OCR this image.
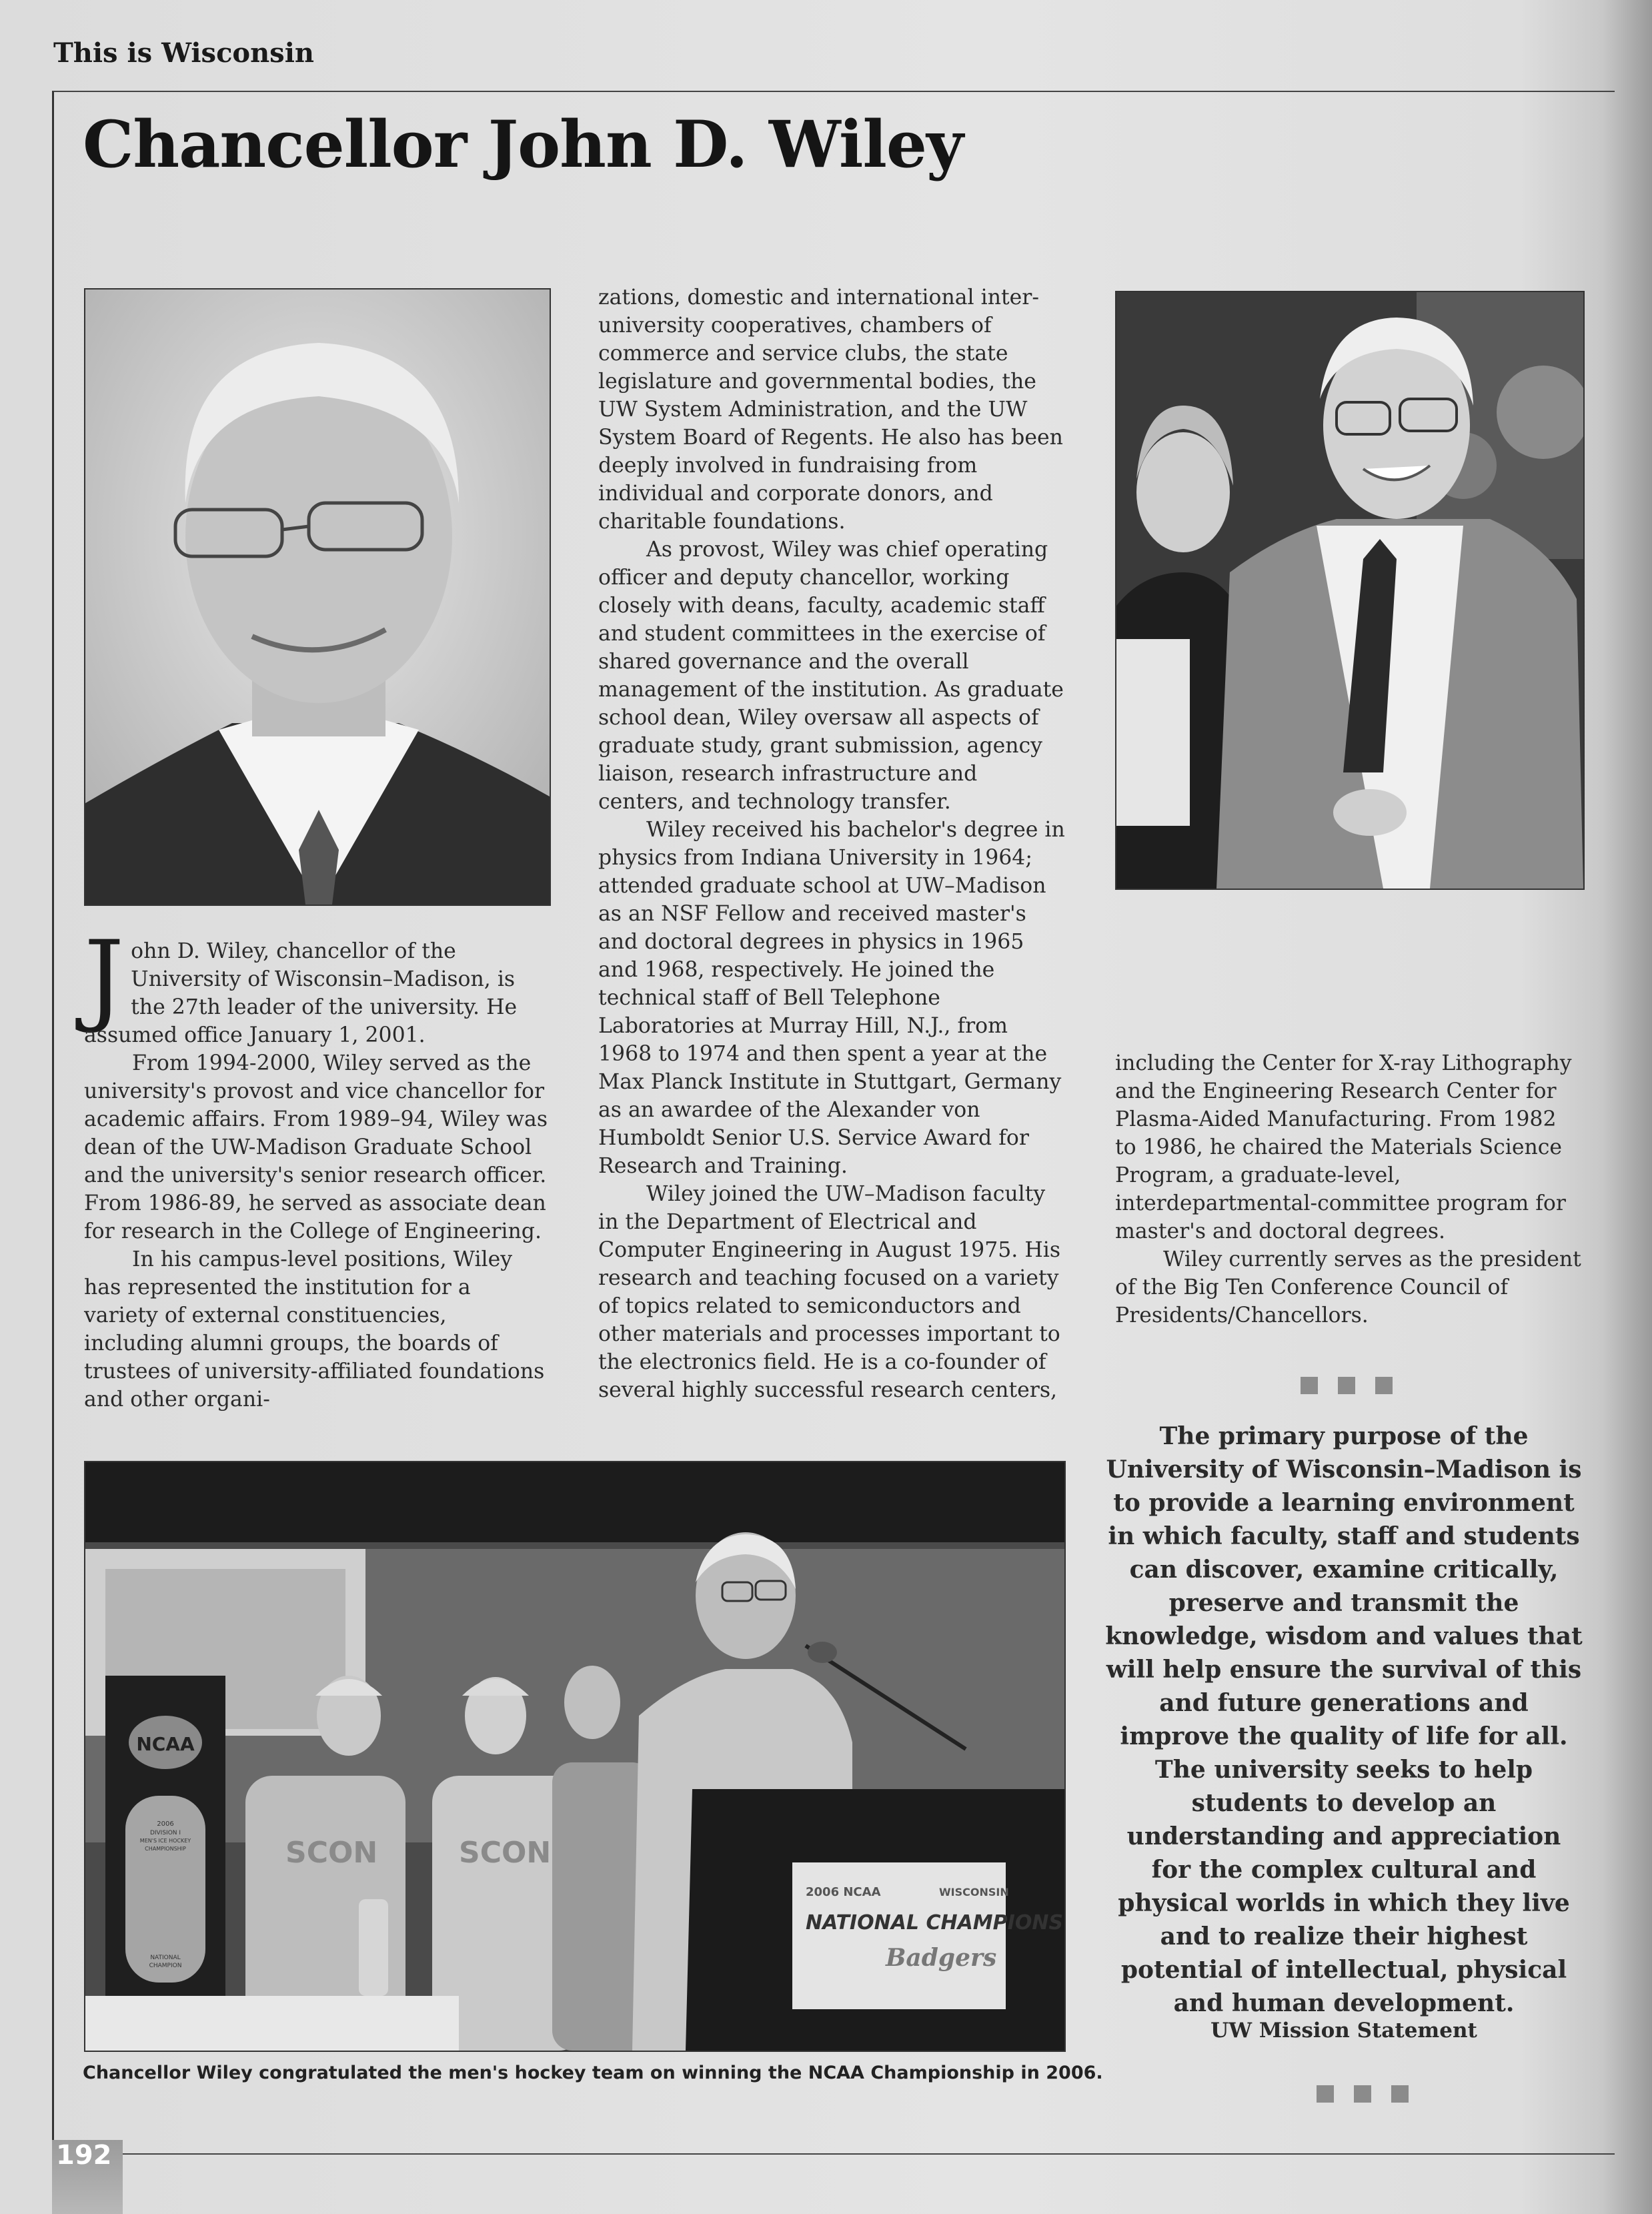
This is Wisconsin
Chancellor John D. Wiley

J ohn D. Wiley, chancellor of the University of Wisconsin–Madison, is the 27th leader of the university. He assumed office January 1, 2001.

From 1994-2000, Wiley served as the university's provost and vice chancellor for academic affairs. From 1989–94, Wiley was dean of the UW-Madison Graduate School and the university's senior research officer. From 1986-89, he served as associate dean for research in the College of Engineering.

In his campus-level positions, Wiley has represented the institution for a variety of external constituencies, including alumni groups, the boards of trustees of university-affiliated foundations and other organi-

zations, domestic and international inter-university cooperatives, chambers of commerce and service clubs, the state legislature and governmental bodies, the UW System Administration, and the UW System Board of Regents. He also has been deeply involved in fundraising from individual and corporate donors, and charitable foundations.

As provost, Wiley was chief operating officer and deputy chancellor, working closely with deans, faculty, academic staff and student committees in the exercise of shared governance and the overall management of the institution. As graduate school dean, Wiley oversaw all aspects of graduate study, grant submission, agency liaison, research infrastructure and centers, and technology transfer.

Wiley received his bachelor's degree in physics from Indiana University in 1964; attended graduate school at UW–Madison as an NSF Fellow and received master's and doctoral degrees in physics in 1965 and 1968, respectively. He joined the technical staff of Bell Telephone Laboratories at Murray Hill, N.J., from 1968 to 1974 and then spent a year at the Max Planck Institute in Stuttgart, Germany as an awardee of the Alexander von Humboldt Senior U.S. Service Award for Research and Training.

Wiley joined the UW–Madison faculty in the Department of Electrical and Computer Engineering in August 1975. His research and teaching focused on a variety of topics related to semiconductors and other materials and processes important to the electronics field. He is a co-founder of several highly successful research centers,

including the Center for X-ray Lithography and the Engineering Research Center for Plasma-Aided Manufacturing. From 1982 to 1986, he chaired the Materials Science Program, a graduate-level, interdepartmental-committee program for master's and doctoral degrees.

Wiley currently serves as the president of the Big Ten Conference Council of Presidents/Chancellors.

The primary purpose of the University of Wisconsin–Madison is to provide a learning environment in which faculty, staff and students can discover, examine critically, preserve and transmit the knowledge, wisdom and values that will help ensure the survival of this and future generations and improve the quality of life for all. The university seeks to help students to develop an understanding and appreciation for the complex cultural and physical worlds in which they live and to realize their highest potential of intellectual, physical and human development.
UW Mission Statement
SCON	SCON
NCAA
2006
DIVISION I
MEN'S ICE HOCKEY
CHAMPIONSHIP
NATIONAL
CHAMPION
2006 NCAA	WISCONSIN
NATIONAL CHAMPIONS
Badgers
Chancellor Wiley congratulated the men's hockey team on winning the NCAA Championship in 2006.
192
